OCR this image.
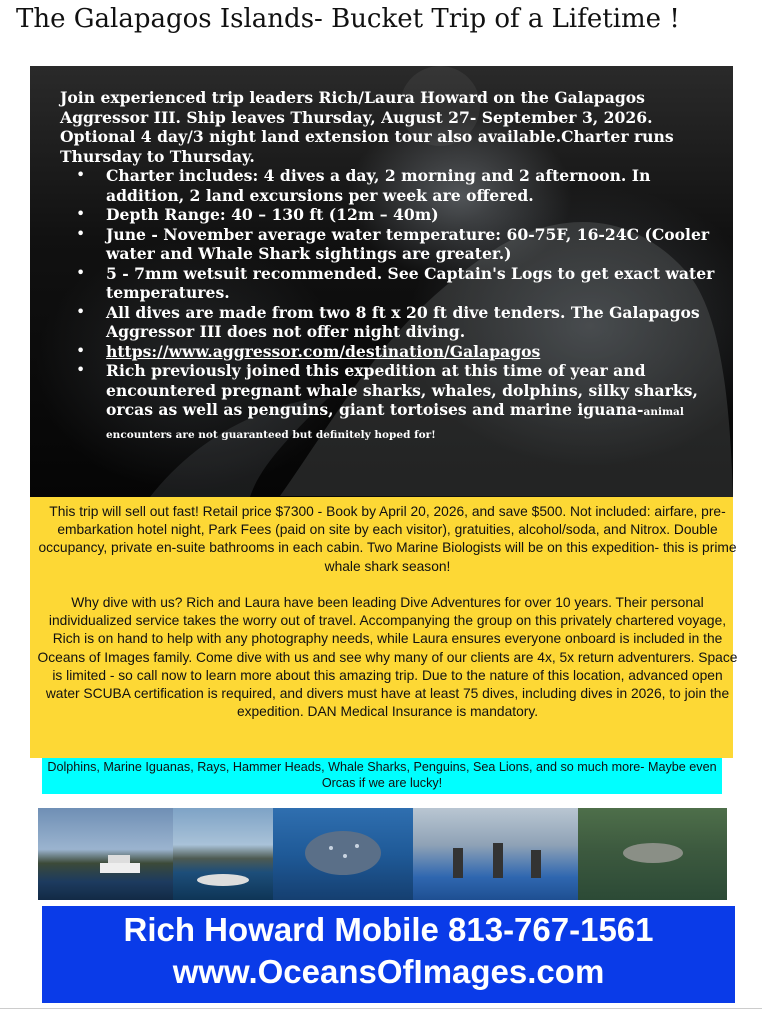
The Galapagos Islands- Bucket Trip of a Lifetime !

Join experienced trip leaders Rich/Laura Howard on the Galapagos Aggressor III. Ship leaves Thursday, August 27- September 3, 2026. Optional 4 day/3 night land extension tour also available.Charter runs Thursday to Thursday.

• Charter includes: 4 dives a day, 2 morning and 2 afternoon. In addition, 2 land excursions per week are offered.
• Depth Range: 40 – 130 ft (12m – 40m)
• June - November average water temperature: 60-75F, 16-24C (Cooler water and Whale Shark sightings are greater.)
• 5 - 7mm wetsuit recommended. See Captain's Logs to get exact water temperatures.
• All dives are made from two 8 ft x 20 ft dive tenders. The Galapagos Aggressor III does not offer night diving.
• https://www.aggressor.com/destination/Galapagos
• Rich previously joined this expedition at this time of year and encountered pregnant whale sharks, whales, dolphins, silky sharks, orcas as well as penguins, giant tortoises and marine iguana-animal encounters are not guaranteed but definitely hoped for!

This trip will sell out fast! Retail price $7300 - Book by April 20, 2026, and save $500. Not included: airfare, pre-embarkation hotel night, Park Fees (paid on site by each visitor), gratuities, alcohol/soda, and Nitrox. Double occupancy, private en-suite bathrooms in each cabin. Two Marine Biologists will be on this expedition- this is prime whale shark season!

Why dive with us? Rich and Laura have been leading Dive Adventures for over 10 years. Their personal individualized service takes the worry out of travel. Accompanying the group on this privately chartered voyage, Rich is on hand to help with any photography needs, while Laura ensures everyone onboard is included in the Oceans of Images family. Come dive with us and see why many of our clients are 4x, 5x return adventurers. Space is limited - so call now to learn more about this amazing trip. Due to the nature of this location, advanced open water SCUBA certification is required, and divers must have at least 75 dives, including dives in 2026, to join the expedition. DAN Medical Insurance is mandatory.

Dolphins, Marine Iguanas, Rays, Hammer Heads, Whale Sharks, Penguins, Sea Lions, and so much more- Maybe even Orcas if we are lucky!
Rich Howard Mobile 813-767-1561
www.OceansOfImages.com
